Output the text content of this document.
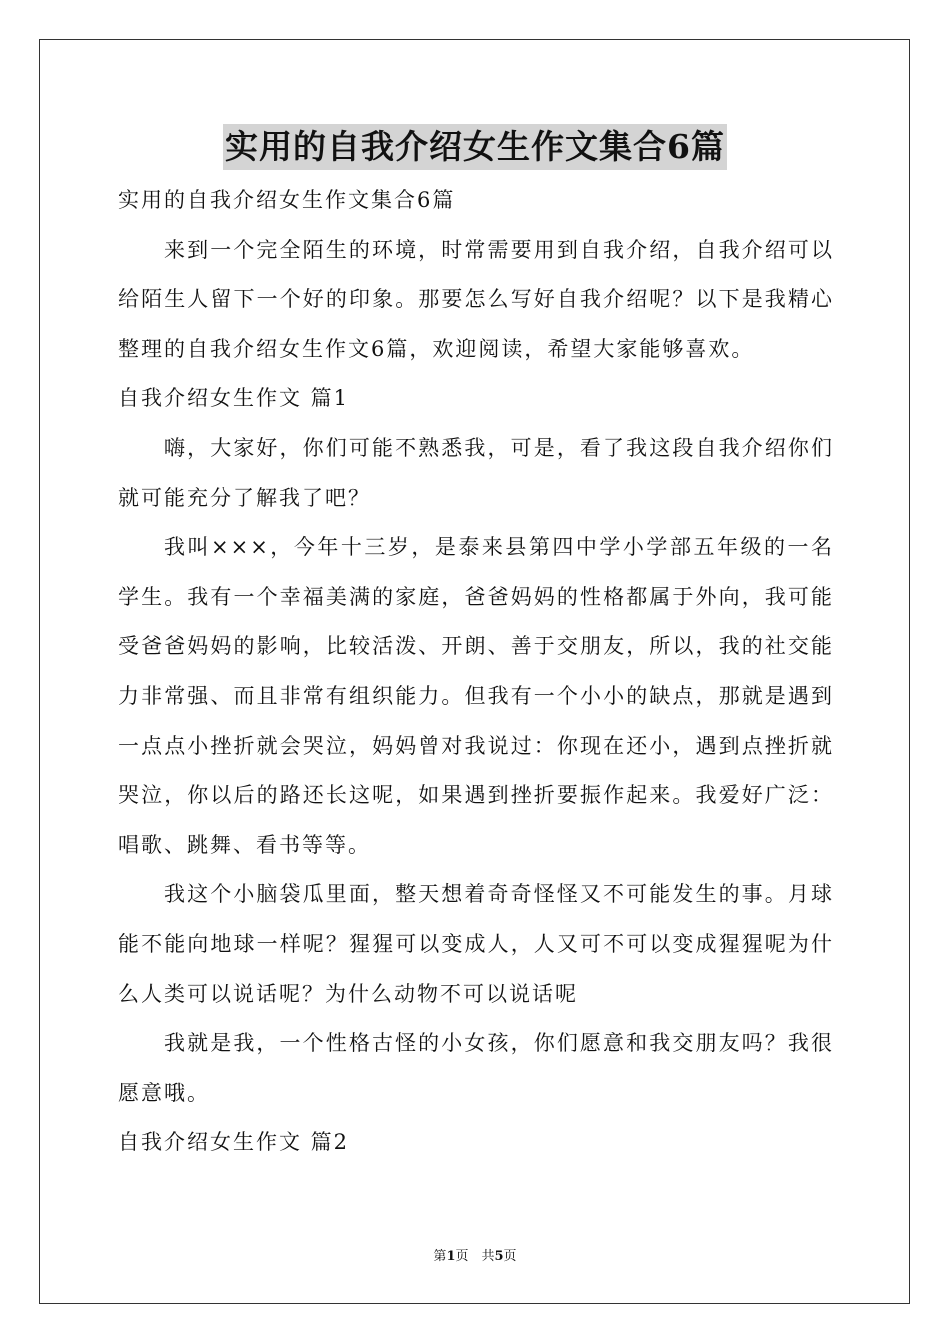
实用的自我介绍女生作文集合6篇

实用的自我介绍女生作文集合6篇

来到一个完全陌生的环境，时常需要用到自我介绍，自我介绍可以给陌生人留下一个好的印象。那要怎么写好自我介绍呢？以下是我精心整理的自我介绍女生作文6篇，欢迎阅读，希望大家能够喜欢。

自我介绍女生作文 篇1

嗨，大家好，你们可能不熟悉我，可是，看了我这段自我介绍你们就可能充分了解我了吧？

我叫×××，今年十三岁，是泰来县第四中学小学部五年级的一名学生。我有一个幸福美满的家庭，爸爸妈妈的性格都属于外向，我可能受爸爸妈妈的影响，比较活泼、开朗、善于交朋友，所以，我的社交能力非常强、而且非常有组织能力。但我有一个小小的缺点，那就是遇到一点点小挫折就会哭泣，妈妈曾对我说过：你现在还小，遇到点挫折就哭泣，你以后的路还长这呢，如果遇到挫折要振作起来。我爱好广泛：唱歌、跳舞、看书等等。

我这个小脑袋瓜里面，整天想着奇奇怪怪又不可能发生的事。月球能不能向地球一样呢？猩猩可以变成人，人又可不可以变成猩猩呢为什么人类可以说话呢？为什么动物不可以说话呢

我就是我，一个性格古怪的小女孩，你们愿意和我交朋友吗？我很愿意哦。

自我介绍女生作文 篇2

第1页　共5页
